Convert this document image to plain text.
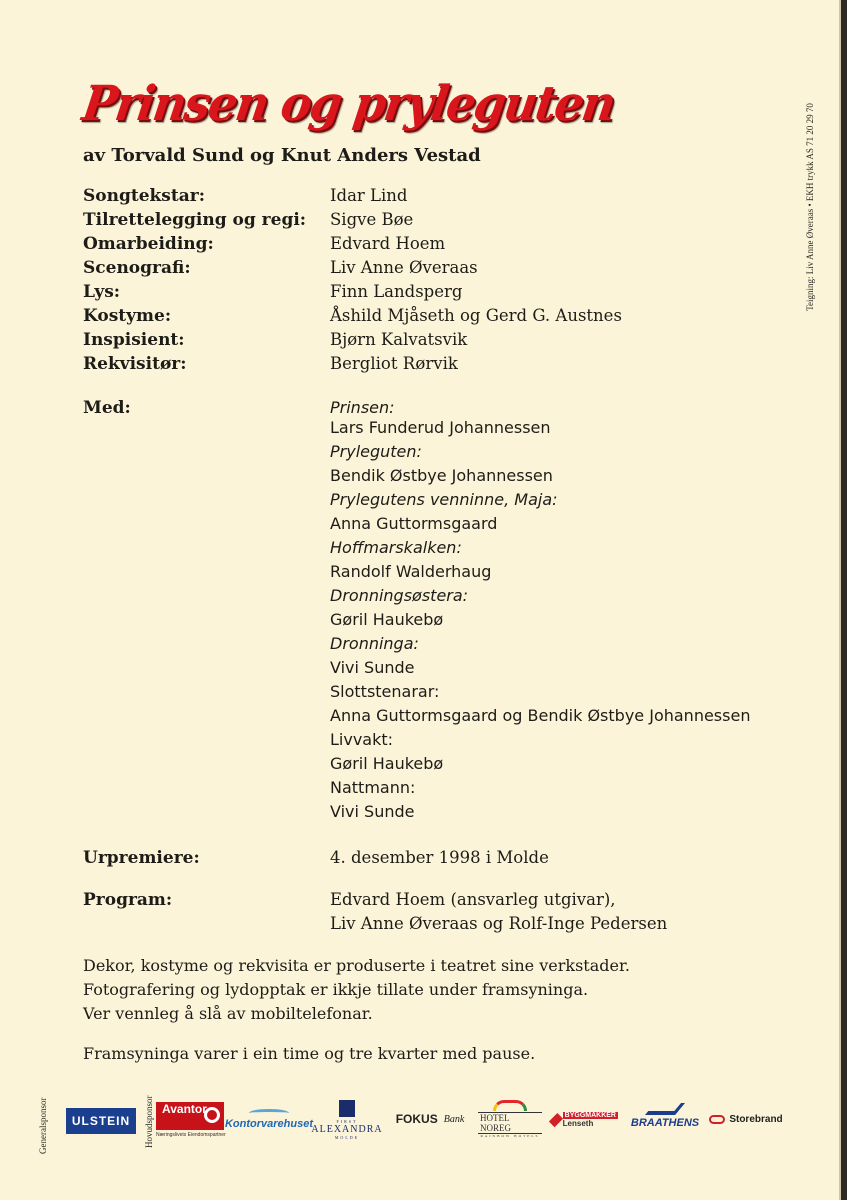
Prinsen og pryleguten
av Torvald Sund og Knut Anders Vestad	Teigning: Liv Anne Øveraas • EKH trykk AS 71 20 29 70
Songtekstar:	Idar Lind
Tilrettelegging og regi: Sigve Bøe
Omarbeiding:	Edvard Hoem
Scenografi:	Liv Anne Øveraas
Lys:	Finn Landsperg
Kostyme:	Åshild Mjåseth og Gerd G. Austnes
Inspisient:	Bjørn Kalvatsvik
Rekvisitør:	Bergliot Rørvik
Med:	Prinsen:
Lars Funderud Johannessen
Pryleguten:
Bendik Østbye Johannessen
Prylegutens venninne, Maja:
Anna Guttormsgaard
Hoffmarskalken:
Randolf Walderhaug
Dronningsøstera:
Gøril Haukebø
Dronninga:
Vivi Sunde
Slottstenarar:
Anna Guttormsgaard og Bendik Østbye Johannessen
Livvakt:
Gøril Haukebø
Nattmann:
Vivi Sunde
Urpremiere:	4. desember 1998 i Molde
Program:	Edvard Hoem (ansvarleg utgivar),
Liv Anne Øveraas og Rolf-Inge Pedersen
Dekor, kostyme og rekvisita er produserte i teatret sine verkstader.
Fotografering og lydopptak er ikkje tillate under framsyninga.
Ver vennleg å slå av mobiltelefonar.
Framsyninga varer i ein time og tre kvarter med pause.
Generalsponsor	Hovudsponsor
ULSTEIN
Avantor
Næringslivets Eiendomspartner
Kontorvarehuset	FIRST
ALEXANDRA
MOLDE
FOKUS Bank HOTEL NOREG
RAINBOW HOTELS
BYGGMAKKER
Lenseth	BRAATHENS	Storebrand
